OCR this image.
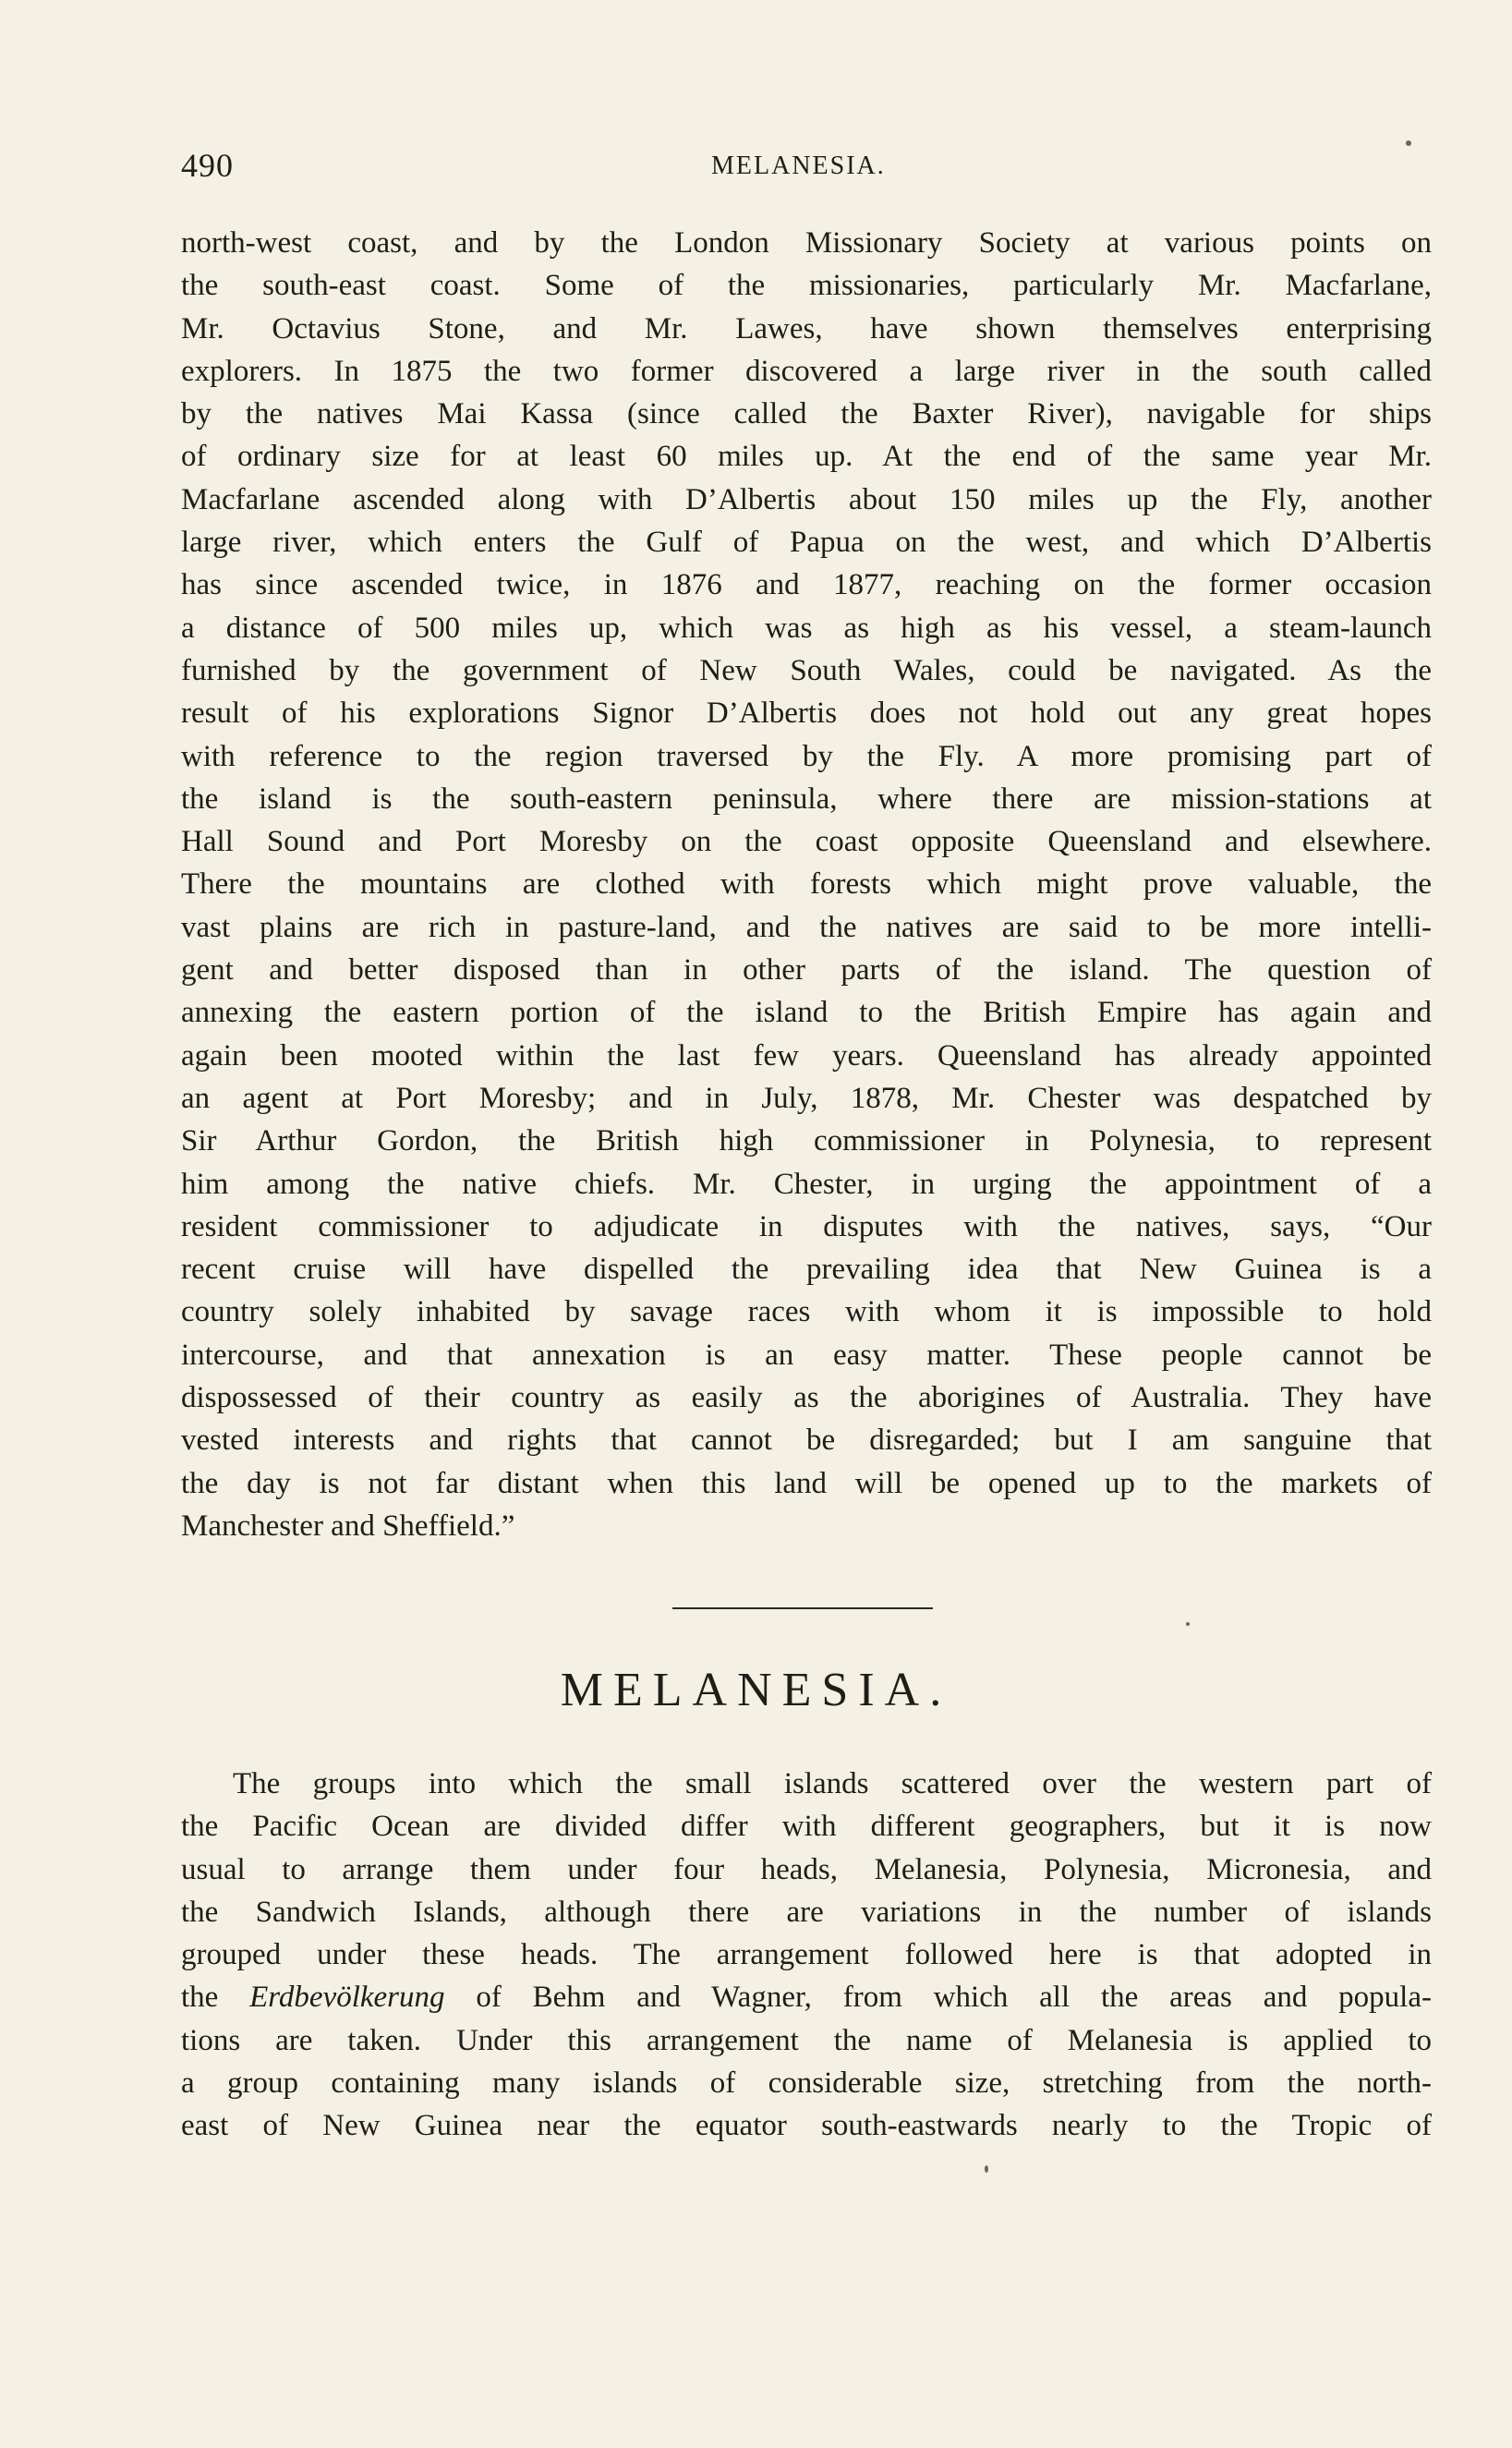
490	MELANESIA.
north-west coast, and by the London Missionary Society at various points on
the south-east coast. Some of the missionaries, particularly Mr. Macfarlane,
Mr. Octavius Stone, and Mr. Lawes, have shown themselves enterprising
explorers. In 1875 the two former discovered a large river in the south called
by the natives Mai Kassa (since called the Baxter River), navigable for ships
of ordinary size for at least 60 miles up. At the end of the same year Mr.
Macfarlane ascended along with D’Albertis about 150 miles up the Fly, another
large river, which enters the Gulf of Papua on the west, and which D’Albertis
has since ascended twice, in 1876 and 1877, reaching on the former occasion
a distance of 500 miles up, which was as high as his vessel, a steam-launch
furnished by the government of New South Wales, could be navigated. As the
result of his explorations Signor D’Albertis does not hold out any great hopes
with reference to the region traversed by the Fly. A more promising part of
the island is the south-eastern peninsula, where there are mission-stations at
Hall Sound and Port Moresby on the coast opposite Queensland and elsewhere.
There the mountains are clothed with forests which might prove valuable, the
vast plains are rich in pasture-land, and the natives are said to be more intelli-
gent and better disposed than in other parts of the island. The question of
annexing the eastern portion of the island to the British Empire has again and
again been mooted within the last few years. Queensland has already appointed
an agent at Port Moresby; and in July, 1878, Mr. Chester was despatched by
Sir Arthur Gordon, the British high commissioner in Polynesia, to represent
him among the native chiefs. Mr. Chester, in urging the appointment of a
resident commissioner to adjudicate in disputes with the natives, says, “Our
recent cruise will have dispelled the prevailing idea that New Guinea is a
country solely inhabited by savage races with whom it is impossible to hold
intercourse, and that annexation is an easy matter. These people cannot be
dispossessed of their country as easily as the aborigines of Australia. They have
vested interests and rights that cannot be disregarded; but I am sanguine that
the day is not far distant when this land will be opened up to the markets of
Manchester and Sheffield.”
MELANESIA.
The groups into which the small islands scattered over the western part of
the Pacific Ocean are divided differ with different geographers, but it is now
usual to arrange them under four heads, Melanesia, Polynesia, Micronesia, and
the Sandwich Islands, although there are variations in the number of islands
grouped under these heads. The arrangement followed here is that adopted in
the Erdbevölkerung of Behm and Wagner, from which all the areas and popula-
tions are taken. Under this arrangement the name of Melanesia is applied to
a group containing many islands of considerable size, stretching from the north-
east of New Guinea near the equator south-eastwards nearly to the Tropic of
